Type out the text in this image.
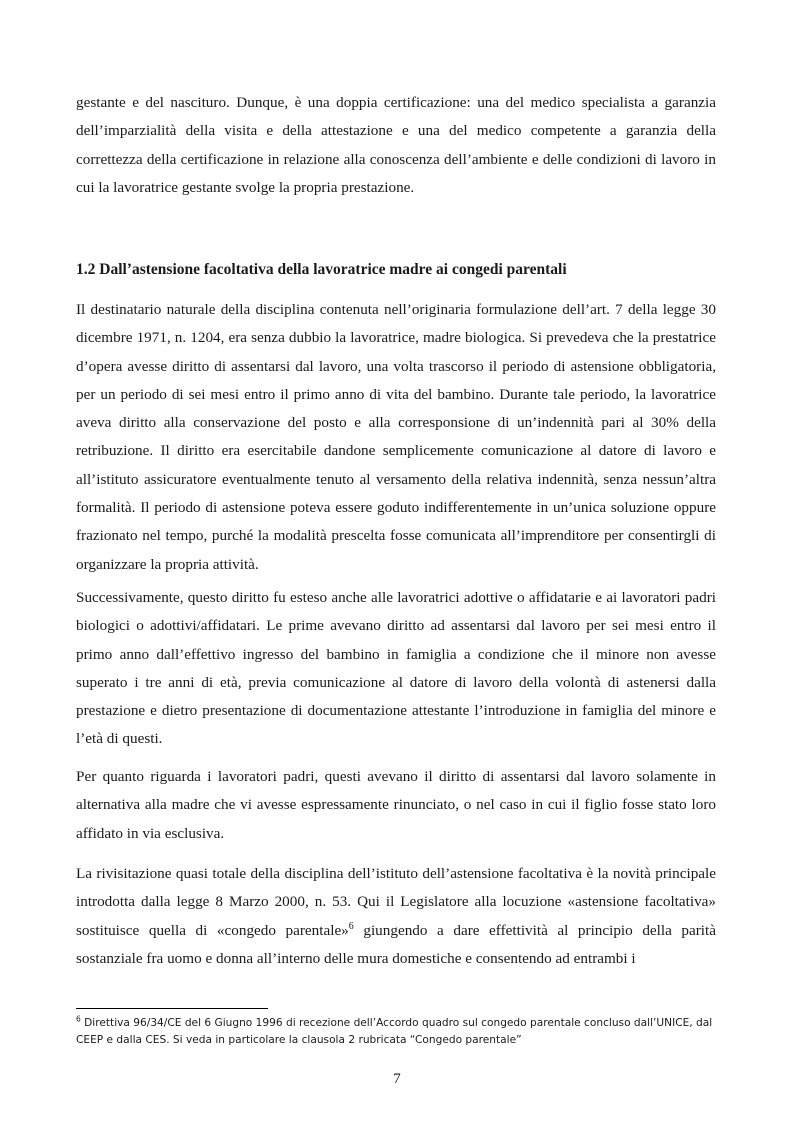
gestante e del nascituro. Dunque, è una doppia certificazione: una del medico specialista a garanzia dell’imparzialità della visita e della attestazione e una del medico competente a garanzia della correttezza della certificazione in relazione alla conoscenza dell’ambiente e delle condizioni di lavoro in cui la lavoratrice gestante svolge la propria prestazione.

1.2 Dall’astensione facoltativa della lavoratrice madre ai congedi parentali

Il destinatario naturale della disciplina contenuta nell’originaria formulazione dell’art. 7 della legge 30 dicembre 1971, n. 1204, era senza dubbio la lavoratrice, madre biologica. Si prevedeva che la prestatrice d’opera avesse diritto di assentarsi dal lavoro, una volta trascorso il periodo di astensione obbligatoria, per un periodo di sei mesi entro il primo anno di vita del bambino. Durante tale periodo, la lavoratrice aveva diritto alla conservazione del posto e alla corresponsione di un’indennità pari al 30% della retribuzione. Il diritto era esercitabile dandone semplicemente comunicazione al datore di lavoro e all’istituto assicuratore eventualmente tenuto al versamento della relativa indennità, senza nessun’altra formalità. Il periodo di astensione poteva essere goduto indifferentemente in un’unica soluzione oppure frazionato nel tempo, purché la modalità prescelta fosse comunicata all’imprenditore per consentirgli di organizzare la propria attività.

Successivamente, questo diritto fu esteso anche alle lavoratrici adottive o affidatarie e ai lavoratori padri biologici o adottivi/affidatari. Le prime avevano diritto ad assentarsi dal lavoro per sei mesi entro il primo anno dall’effettivo ingresso del bambino in famiglia a condizione che il minore non avesse superato i tre anni di età, previa comunicazione al datore di lavoro della volontà di astenersi dalla prestazione e dietro presentazione di documentazione attestante l’introduzione in famiglia del minore e l’età di questi.

Per quanto riguarda i lavoratori padri, questi avevano il diritto di assentarsi dal lavoro solamente in alternativa alla madre che vi avesse espressamente rinunciato, o nel caso in cui il figlio fosse stato loro affidato in via esclusiva.

La rivisitazione quasi totale della disciplina dell’istituto dell’astensione facoltativa è la novità principale introdotta dalla legge 8 Marzo 2000, n. 53. Qui il Legislatore alla locuzione «astensione facoltativa» sostituisce quella di «congedo parentale»$^6$ giungendo a dare effettività al principio della parità sostanziale fra uomo e donna all’interno delle mura domestiche e consentendo ad entrambi i

$^6$ Direttiva 96/34/CE del 6 Giugno 1996 di recezione dell’Accordo quadro sul congedo parentale concluso dall’UNICE, dal CEEP e dalla CES. Si veda in particolare la clausola 2 rubricata “Congedo parentale”

7
